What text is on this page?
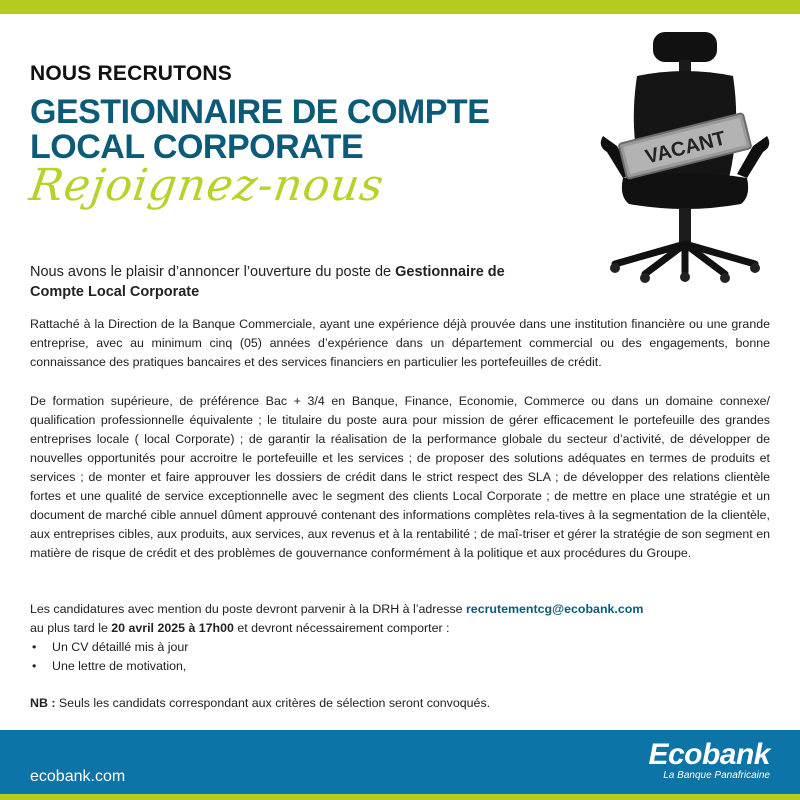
NOUS RECRUTONS
GESTIONNAIRE DE COMPTE
LOCAL CORPORATE
Rejoignez-nous
VACANT
Nous avons le plaisir d’annoncer l’ouverture du poste de Gestionnaire de Compte Local Corporate
Rattaché à la Direction de la Banque Commerciale, ayant une expérience déjà prouvée dans une institution financière ou une grande entreprise, avec au minimum cinq (05) années d’expérience dans un département commercial ou des engagements, bonne connaissance des pratiques bancaires et des services financiers en particulier les portefeuilles de crédit.
De formation supérieure, de préférence Bac + 3/4 en Banque, Finance, Economie, Commerce ou dans un domaine connexe/ qualification professionnelle équivalente ; le titulaire du poste aura pour mission de gérer efficacement le portefeuille des grandes entreprises locale ( local Corporate) ; de garantir la réalisation de la performance globale du secteur d’activité, de développer de nouvelles opportunités pour accroitre le portefeuille et les services ; de proposer des solutions adéquates en termes de produits et services ; de monter et faire approuver les dossiers de crédit dans le strict respect des SLA ; de développer des relations clientèle fortes et une qualité de service exceptionnelle avec le segment des clients Local Corporate ; de mettre en place une stratégie et un document de marché cible annuel dûment approuvé contenant des informations complètes rela-tives à la segmentation de la clientèle, aux entreprises cibles, aux produits, aux services, aux revenus et à la rentabilité ; de maî-triser et gérer la stratégie de son segment en matière de risque de crédit et des problèmes de gouvernance conformément à la politique et aux procédures du Groupe.
Les candidatures avec mention du poste devront parvenir à la DRH à l’adresse recrutementcg@ecobank.com
au plus tard le 20 avril 2025 à 17h00 et devront nécessairement comporter :
• Un CV détaillé mis à jour
• Une lettre de motivation,
NB : Seuls les candidats correspondant aux critères de sélection seront convoqués.
ecobank.com
Ecobank
La Banque Panafricaine
